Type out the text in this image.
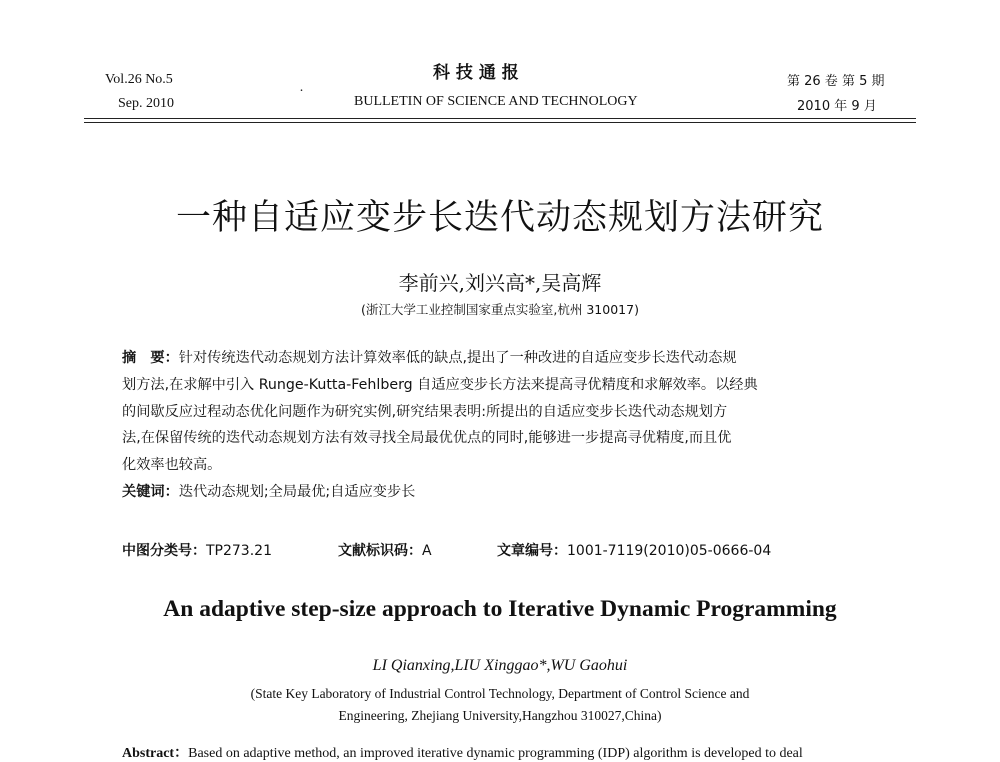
Vol.26 No.5
Sep. 2010
科 技 通 报
˙	BULLETIN OF SCIENCE AND TECHNOLOGY
第 26 卷 第 5 期
2010 年 9 月
一种自适应变步长迭代动态规划方法研究
李前兴,刘兴高*,吴高辉
(浙江大学工业控制国家重点实验室,杭州 310017)
摘　要：针对传统迭代动态规划方法计算效率低的缺点,提出了一种改进的自适应变步长迭代动态规
划方法,在求解中引入 Runge-Kutta-Fehlberg 自适应变步长方法来提高寻优精度和求解效率。以经典
的间歇反应过程动态优化问题作为研究实例,研究结果表明:所提出的自适应变步长迭代动态规划方
法,在保留传统的迭代动态规划方法有效寻找全局最优优点的同时,能够进一步提高寻优精度,而且优
化效率也较高。
关键词：迭代动态规划;全局最优;自适应变步长
中图分类号：TP273.21	文献标识码：A	文章编号：1001-7119(2010)05-0666-04
An adaptive step-size approach to Iterative Dynamic Programming
LI Qianxing,LIU Xinggao*,WU Gaohui
(State Key Laboratory of Industrial Control Technology, Department of Control Science and
Engineering, Zhejiang University,Hangzhou 310027,China)
Abstract：Based on adaptive method, an improved iterative dynamic programming (IDP) algorithm is developed to deal
